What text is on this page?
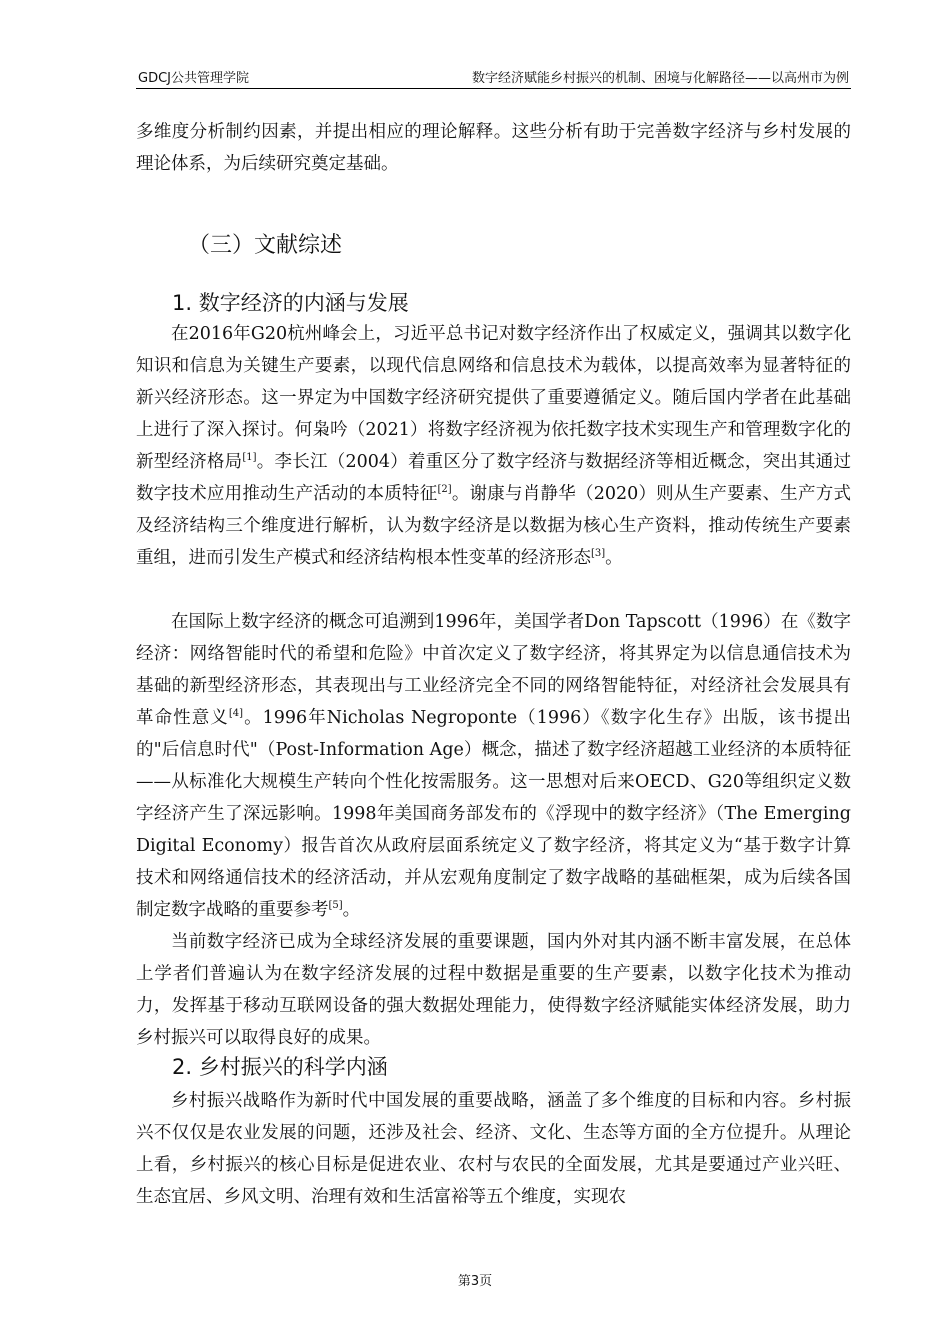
GDCJ公共管理学院	数字经济赋能乡村振兴的机制、困境与化解路径——以高州市为例

多维度分析制约因素，并提出相应的理论解释。这些分析有助于完善数字经济与乡村发展的理论体系，为后续研究奠定基础。

（三）文献综述
1. 数字经济的内涵与发展

在2016年G20杭州峰会上，习近平总书记对数字经济作出了权威定义，强调其以数字化知识和信息为关键生产要素，以现代信息网络和信息技术为载体，以提高效率为显著特征的新兴经济形态。这一界定为中国数字经济研究提供了重要遵循定义。随后国内学者在此基础上进行了深入探讨。何枭吟（2021）将数字经济视为依托数字技术实现生产和管理数字化的新型经济格局[1]。李长江（2004）着重区分了数字经济与数据经济等相近概念，突出其通过数字技术应用推动生产活动的本质特征[2]。谢康与肖静华（2020）则从生产要素、生产方式及经济结构三个维度进行解析，认为数字经济是以数据为核心生产资料，推动传统生产要素重组，进而引发生产模式和经济结构根本性变革的经济形态[3]。

在国际上数字经济的概念可追溯到1996年，美国学者Don Tapscott（1996）在《数字经济：网络智能时代的希望和危险》中首次定义了数字经济，将其界定为以信息通信技术为基础的新型经济形态，其表现出与工业经济完全不同的网络智能特征，对经济社会发展具有革命性意义[4]。1996年Nicholas Negroponte（1996）《数字化生存》出版，该书提出的"后信息时代"（Post-Information Age）概念，描述了数字经济超越工业经济的本质特征——从标准化大规模生产转向个性化按需服务。这一思想对后来OECD、G20等组织定义数字经济产生了深远影响。1998年美国商务部发布的《浮现中的数字经济》（The Emerging Digital Economy）报告首次从政府层面系统定义了数字经济，将其定义为“基于数字计算技术和网络通信技术的经济活动，并从宏观角度制定了数字战略的基础框架，成为后续各国制定数字战略的重要参考[5]。

当前数字经济已成为全球经济发展的重要课题，国内外对其内涵不断丰富发展，在总体上学者们普遍认为在数字经济发展的过程中数据是重要的生产要素，以数字化技术为推动力，发挥基于移动互联网设备的强大数据处理能力，使得数字经济赋能实体经济发展，助力乡村振兴可以取得良好的成果。

2. 乡村振兴的科学内涵

乡村振兴战略作为新时代中国发展的重要战略，涵盖了多个维度的目标和内容。乡村振兴不仅仅是农业发展的问题，还涉及社会、经济、文化、生态等方面的全方位提升。从理论上看，乡村振兴的核心目标是促进农业、农村与农民的全面发展，尤其是要通过产业兴旺、生态宜居、乡风文明、治理有效和生活富裕等五个维度，实现农

第3页
